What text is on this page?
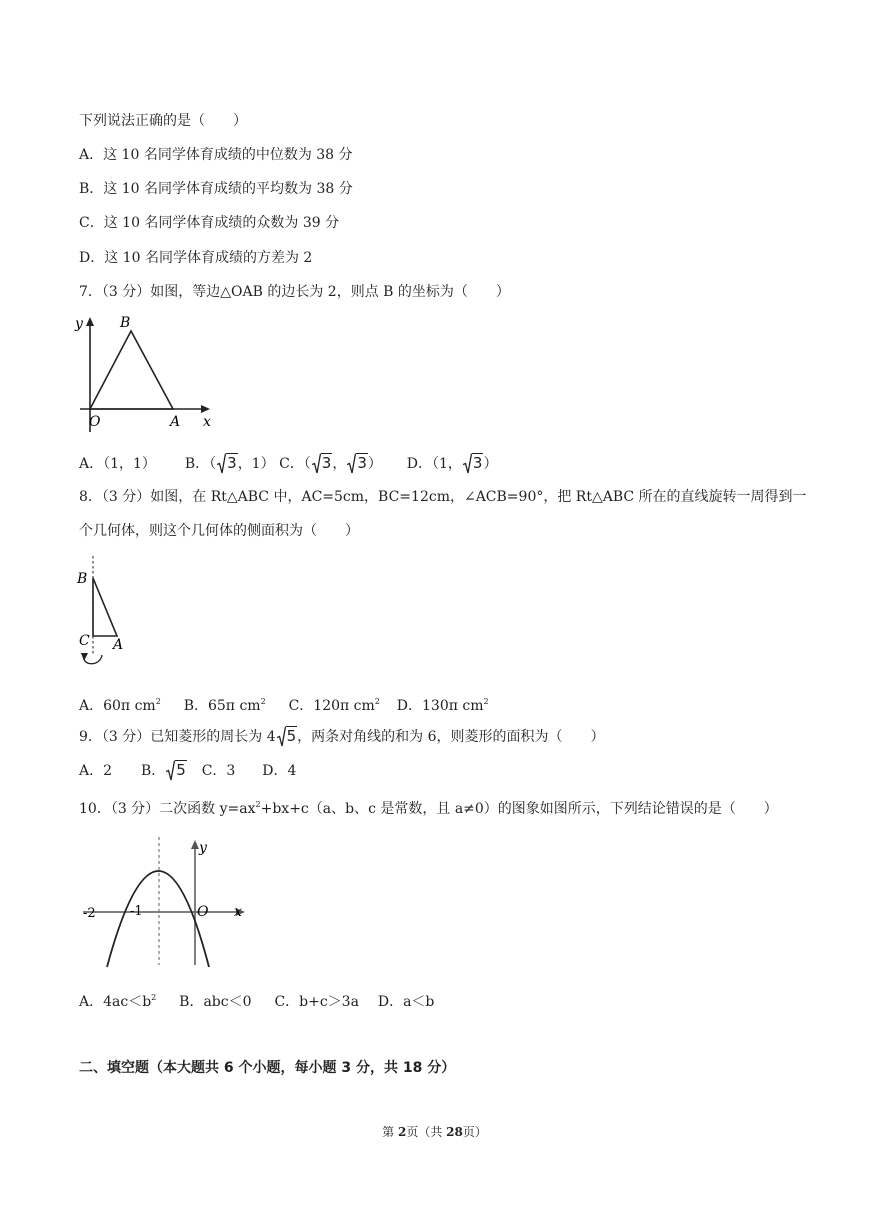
下列说法正确的是（　　）
A．这 10 名同学体育成绩的中位数为 38 分
B．这 10 名同学体育成绩的平均数为 38 分
C．这 10 名同学体育成绩的众数为 39 分
D．这 10 名同学体育成绩的方差为 2
7．（3 分）如图，等边△OAB 的边长为 2，则点 B 的坐标为（　　）
y	B
O	A x
A．（1，1） B．（ 3，1） C．（ 3， 3） D．（1， 3）
8．（3 分）如图，在 Rt△ABC 中，AC=5cm，BC=12cm，∠ACB=90°，把 Rt△ABC 所在的直线旋转一周得到一
个几何体，则这个几何体的侧面积为（　　）
B
C A
A．60π $cm^2$ B．65π $cm^2$ C．120π $cm^2$ D．130π $cm^2$
9．（3 分）已知菱形的周长为 4 5，两条对角线的和为 6，则菱形的面积为（　　）
A．2 B． 5 C．3 D．4
10．（3 分）二次函数 $y=ax^2+bx+c(a$、b、c 是常数，且 a≠0）的图象如图所示，下列结论错误的是（　　）
y
x
O
-2	-1
A．$4ac<b^2$ B．abc＜0 C．b+c＞3a D．a＜b
二、填空题（本大题共 6 个小题，每小题 3 分，共 18 分）
第 2页（共 28页）
